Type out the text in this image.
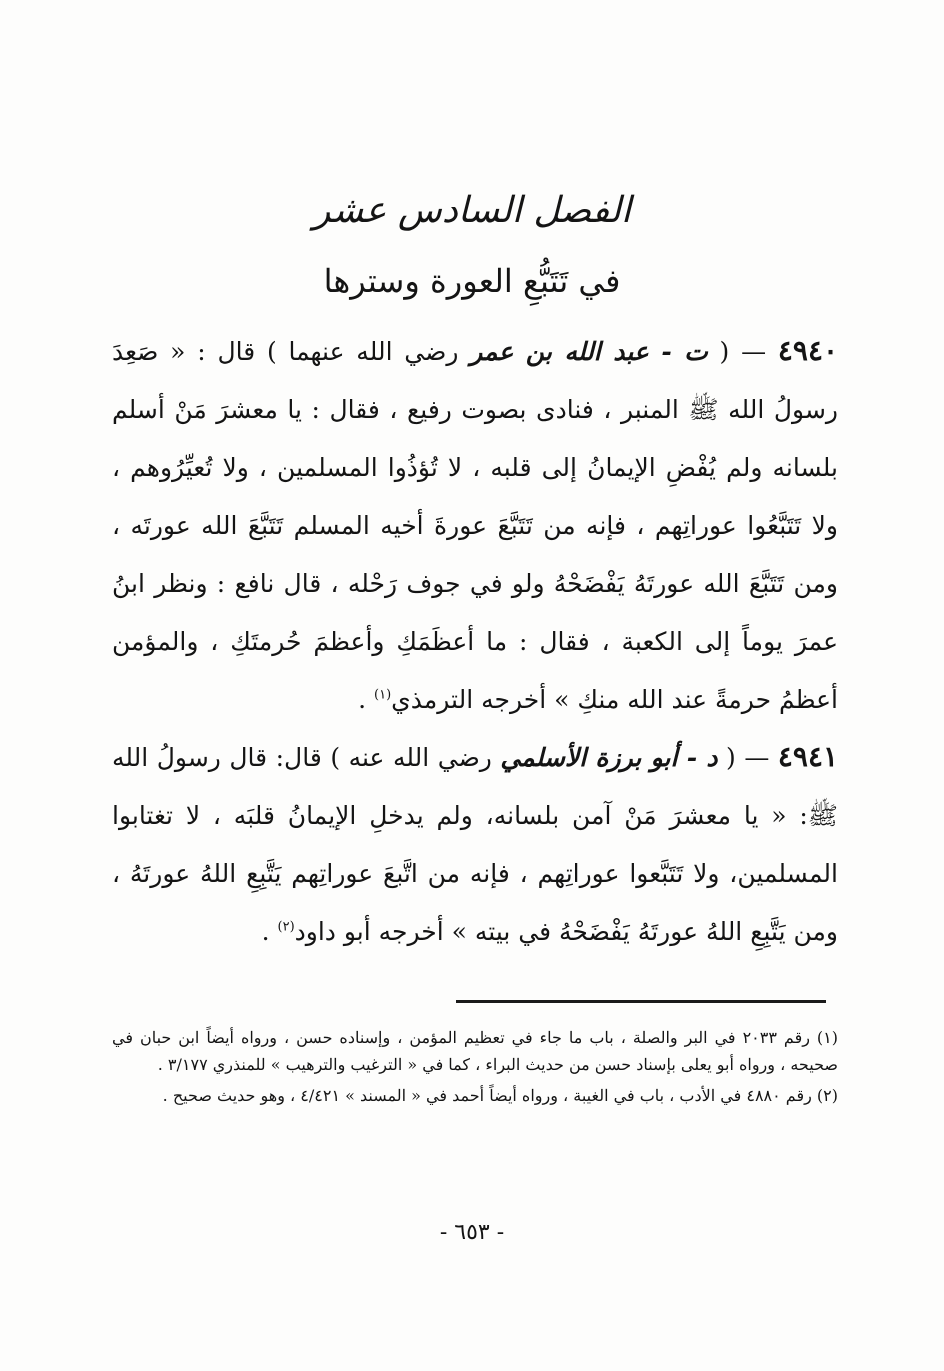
الفصل السادس عشر
في تَتَبُّعِ العورة وسترها
٤٩٤٠ — ( ت - عبد الله بن عمر رضي الله عنهما ) قال : « صَعِدَ رسولُ الله ﷺ المنبر ، فنادى بصوت رفيع ، فقال : يا معشرَ مَنْ أسلم بلسانه ولم يُفْضِ الإيمانُ إلى قلبه ، لا تُؤذُوا المسلمين ، ولا تُعيِّرُوهم ، ولا تَتَبَّعُوا عوراتِهم ، فإنه من تَتَبَّعَ عورةَ أخيه المسلم تَتَبَّعَ الله عورتَه ، ومن تَتَبَّعَ الله عورتَهُ يَفْضَحْهُ ولو في جوف رَحْله ، قال نافع : ونظر ابنُ عمرَ يوماً إلى الكعبة ، فقال : ما أعظَمَكِ وأعظمَ حُرمتَكِ ، والمؤمن أعظمُ حرمةً عند الله منكِ » أخرجه الترمذي$^{(١)}$ .
٤٩٤١ — ( د - أبو برزة الأسلمي رضي الله عنه ) قال: قال رسولُ الله ﷺ: « يا معشرَ مَنْ آمن بلسانه، ولم يدخلِ الإيمانُ قلبَه ، لا تغتابوا المسلمين، ولا تَتَبَّعوا عوراتِهم ، فإنه من اتَّبعَ عوراتِهم يَتَّبِعِ اللهُ عورتَهُ ، ومن يَتَّبِعِ اللهُ عورتَهُ يَفْضَحْهُ في بيته » أخرجه أبو داود$^{(٢)}$ .

(١) رقم ٢٠٣٣ في البر والصلة ، باب ما جاء في تعظيم المؤمن ، وإسناده حسن ، ورواه أيضاً ابن حبان في صحيحه ، ورواه أبو يعلى بإسناد حسن من حديث البراء ، كما في « الترغيب والترهيب » للمنذري ٣/١٧٧ .

(٢) رقم ٤٨٨٠ في الأدب ، باب في الغيبة ، ورواه أيضاً أحمد في « المسند » ٤/٤٢١ ، وهو حديث صحيح .

- ٦٥٣ -
